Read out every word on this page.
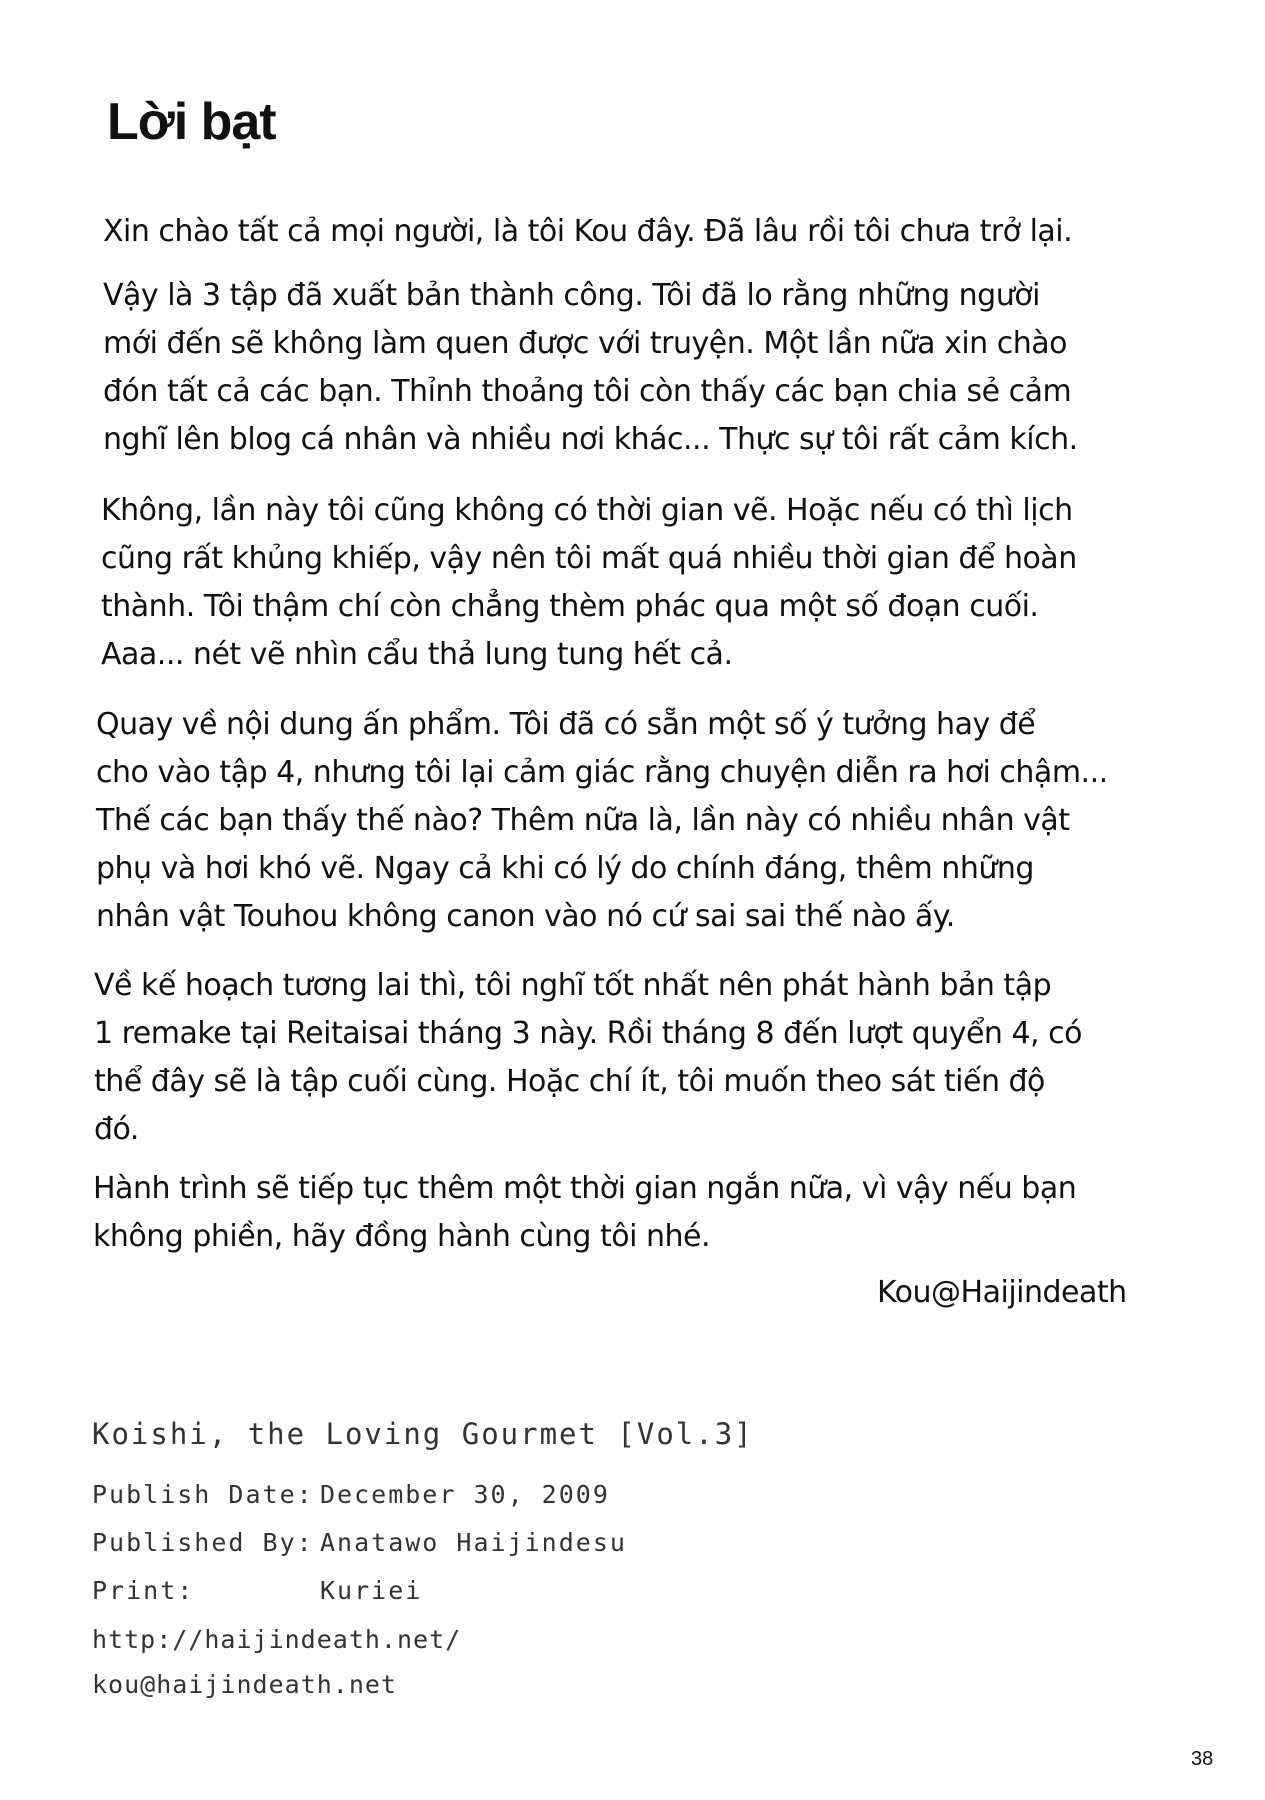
Lời bạt

Xin chào tất cả mọi người, là tôi Kou đây. Đã lâu rồi tôi chưa trở lại.

Vậy là 3 tập đã xuất bản thành công. Tôi đã lo rằng những người
mới đến sẽ không làm quen được với truyện. Một lần nữa xin chào
đón tất cả các bạn. Thỉnh thoảng tôi còn thấy các bạn chia sẻ cảm
nghĩ lên blog cá nhân và nhiều nơi khác... Thực sự tôi rất cảm kích.

Không, lần này tôi cũng không có thời gian vẽ. Hoặc nếu có thì lịch
cũng rất khủng khiếp, vậy nên tôi mất quá nhiều thời gian để hoàn
thành. Tôi thậm chí còn chẳng thèm phác qua một số đoạn cuối.
Aaa... nét vẽ nhìn cẩu thả lung tung hết cả.

Quay về nội dung ấn phẩm. Tôi đã có sẵn một số ý tưởng hay để
cho vào tập 4, nhưng tôi lại cảm giác rằng chuyện diễn ra hơi chậm...
Thế các bạn thấy thế nào? Thêm nữa là, lần này có nhiều nhân vật
phụ và hơi khó vẽ. Ngay cả khi có lý do chính đáng, thêm những
nhân vật Touhou không canon vào nó cứ sai sai thế nào ấy.

Về kế hoạch tương lai thì, tôi nghĩ tốt nhất nên phát hành bản tập
1 remake tại Reitaisai tháng 3 này. Rồi tháng 8 đến lượt quyển 4, có
thể đây sẽ là tập cuối cùng. Hoặc chí ít, tôi muốn theo sát tiến độ
đó.

Hành trình sẽ tiếp tục thêm một thời gian ngắn nữa, vì vậy nếu bạn
không phiền, hãy đồng hành cùng tôi nhé.

Kou@Haijindeath

Koishi, the Loving Gourmet [Vol.3]

Publish Date: December 30, 2009
Published By: Anatawo Haijindesu
Print:	Kuriei
http://haijindeath.net/
kou@haijindeath.net

38
